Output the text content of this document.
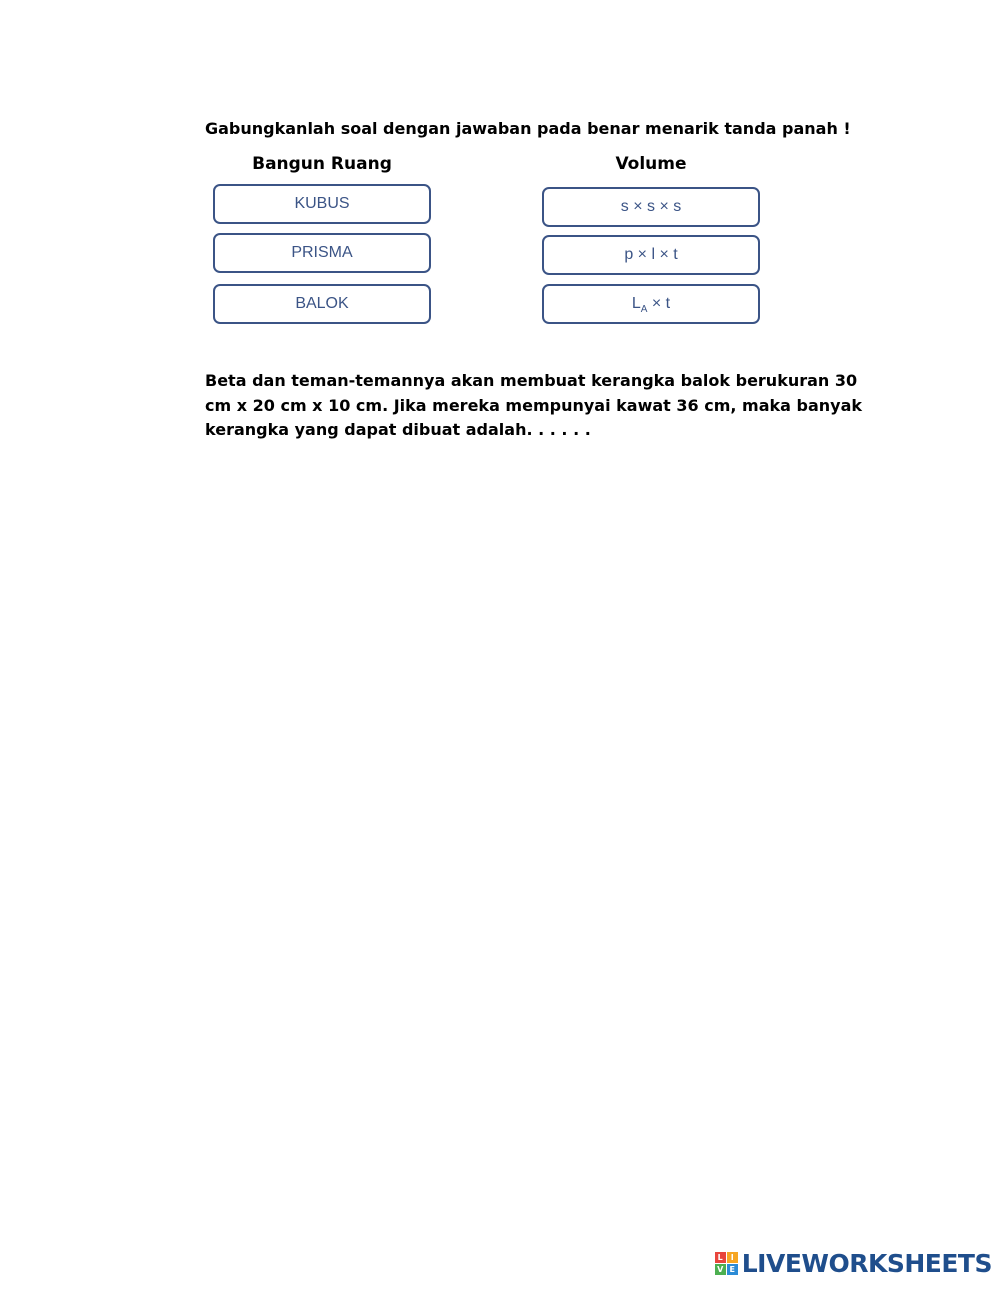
Gabungkanlah soal dengan jawaban pada benar menarik tanda panah !
Bangun Ruang	Volume
KUBUS
PRISMA
BALOK
s × s × s
p × l × t
$L_A \times t$
Beta dan teman-temannya akan membuat kerangka balok berukuran 30 cm x 20 cm x 10 cm. Jika mereka mempunyai kawat 36 cm, maka banyak kerangka yang dapat dibuat adalah. . . . . .
L I
V E LIVEWORKSHEETS
